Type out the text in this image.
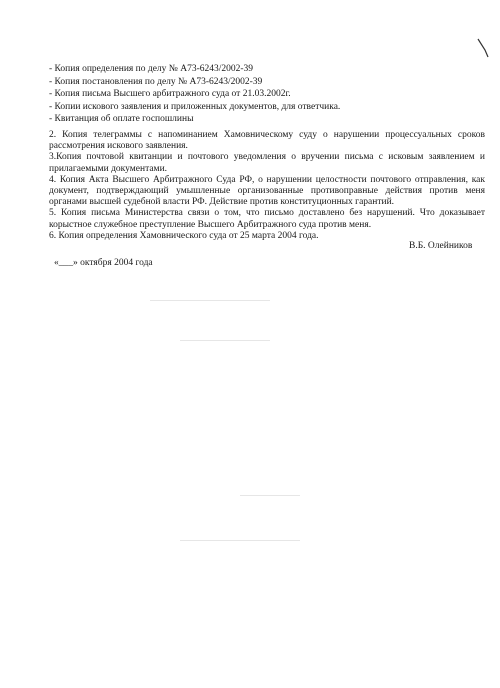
- Копия определения по делу № А73-6243/2002-39
- Копия постановления по делу № А73-6243/2002-39
- Копия письма Высшего арбитражного суда от 21.03.2002г.
- Копии искового заявления и приложенных документов, для ответчика.
- Квитанция об оплате госпошлины

2. Копия телеграммы с напоминанием Хамовническому суду о нарушении процессуальных сроков рассмотрения искового заявления.

3.Копия почтовой квитанции и почтового уведомления о вручении письма с исковым заявлением и прилагаемыми документами.

4. Копия Акта Высшего Арбитражного Суда РФ, о нарушении целостности почтового отправления, как документ, подтверждающий умышленные организованные противоправные действия против меня органами высшей судебной власти РФ. Действие против конституционных гарантий.

5. Копия письма Министерства связи о том, что письмо доставлено без нарушений. Что доказывает корыстное служебное преступление Высшего Арбитражного суда против меня.

6. Копия определения Хамовнического суда от 25 марта 2004 года.

В.Б. Олейников
«___» октября 2004 года
